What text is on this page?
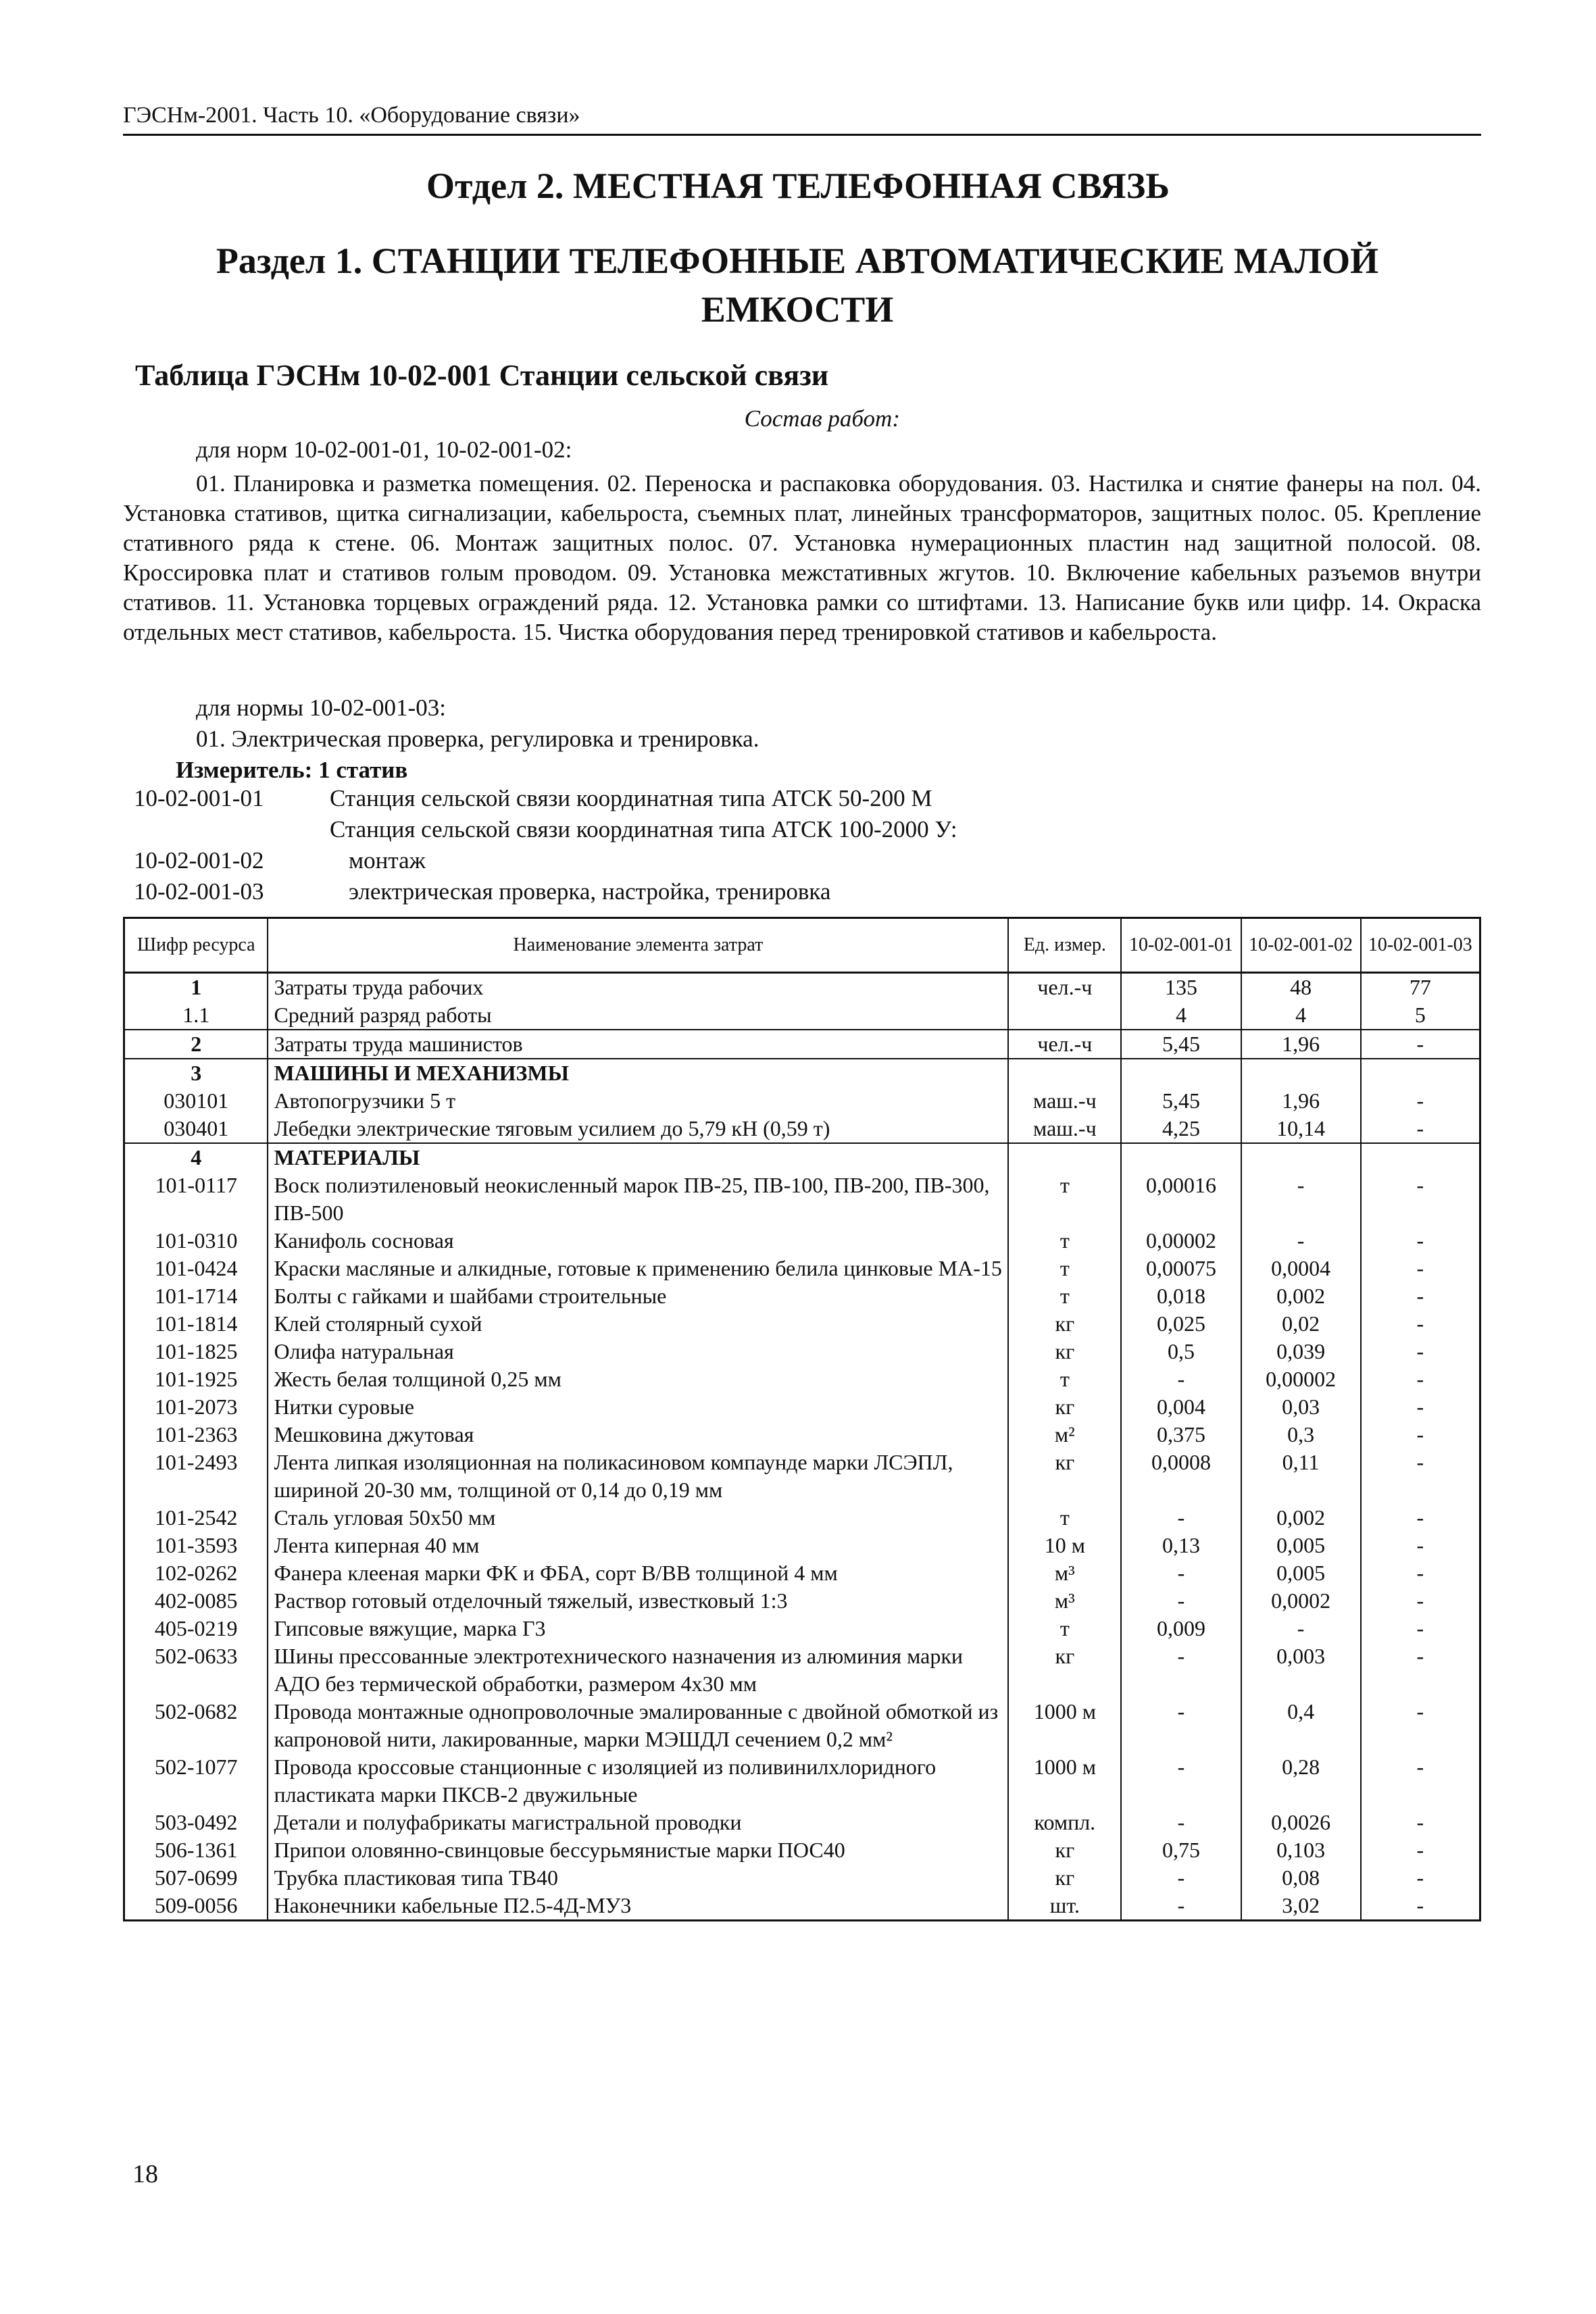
ГЭСНм-2001. Часть 10. «Оборудование связи»
Отдел 2. МЕСТНАЯ ТЕЛЕФОННАЯ СВЯЗЬ
Раздел 1. СТАНЦИИ ТЕЛЕФОННЫЕ АВТОМАТИЧЕСКИЕ МАЛОЙ
ЕМКОСТИ
Таблица ГЭСНм 10-02-001 Станции сельской связи
Состав работ:
для норм 10-02-001-01, 10-02-001-02:
01. Планировка и разметка помещения. 02. Переноска и распаковка оборудования. 03. Настилка и снятие фанеры на пол. 04. Установка стативов, щитка сигнализации, кабельроста, съемных плат, линейных трансформаторов, защитных полос. 05. Крепление стативного ряда к стене. 06. Монтаж защитных полос. 07. Установка нумерационных пластин над защитной полосой. 08. Кроссировка плат и стативов голым проводом. 09. Установка межстативных жгутов. 10. Включение кабельных разъемов внутри стативов. 11. Установка торцевых ограждений ряда. 12. Установка рамки со штифтами. 13. Написание букв или цифр. 14. Окраска отдельных мест стативов, кабельроста. 15. Чистка оборудования перед тренировкой стативов и кабельроста.
для нормы 10-02-001-03:
01. Электрическая проверка, регулировка и тренировка.
Измеритель: 1 статив
10-02-001-01	Станция сельской связи координатная типа АТСК 50-200 М
Станция сельской связи координатная типа АТСК 100-2000 У:
10-02-001-02	монтаж
10-02-001-03	электрическая проверка, настройка, тренировка
Шифр ресурса	Наименование элемента затрат	Ед. измер.	10-02-001-01	10-02-001-02	10-02-001-03
1	Затраты труда рабочих	чел.-ч	135	48	77
1.1	Средний разряд работы		4	4	5
2	Затраты труда машинистов	чел.-ч	5,45	1,96	-
3	МАШИНЫ И МЕХАНИЗМЫ				
030101	Автопогрузчики 5 т	маш.-ч	5,45	1,96	-
030401	Лебедки электрические тяговым усилием до 5,79 кН (0,59 т)	маш.-ч	4,25	10,14	-
4	МАТЕРИАЛЫ				
101-0117	Воск полиэтиленовый неокисленный марок ПВ-25, ПВ-100, ПВ-200, ПВ-300, ПВ-500	т	0,00016	-	-
101-0310	Канифоль сосновая	т	0,00002	-	-
101-0424	Краски масляные и алкидные, готовые к применению белила цинковые МА-15	т	0,00075	0,0004	-
101-1714	Болты с гайками и шайбами строительные	т	0,018	0,002	-
101-1814	Клей столярный сухой	кг	0,025	0,02	-
101-1825	Олифа натуральная	кг	0,5	0,039	-
101-1925	Жесть белая толщиной 0,25 мм	т	-	0,00002	-
101-2073	Нитки суровые	кг	0,004	0,03	-
101-2363	Мешковина джутовая	м²	0,375	0,3	-
101-2493	Лента липкая изоляционная на поликасиновом компаунде марки ЛСЭПЛ, шириной 20-30 мм, толщиной от 0,14 до 0,19 мм	кг	0,0008	0,11	-
101-2542	Сталь угловая 50х50 мм	т	-	0,002	-
101-3593	Лента киперная 40 мм	10 м	0,13	0,005	-
102-0262	Фанера клееная марки ФК и ФБА, сорт В/ВВ толщиной 4 мм	м³	-	0,005	-
402-0085	Раствор готовый отделочный тяжелый, известковый 1:3	м³	-	0,0002	-
405-0219	Гипсовые вяжущие, марка Г3	т	0,009	-	-
502-0633	Шины прессованные электротехнического назначения из алюминия марки АДО без термической обработки, размером 4х30 мм	кг	-	0,003	-
502-0682	Провода монтажные однопроволочные эмалированные с двойной обмоткой из капроновой нити, лакированные, марки МЭШДЛ сечением 0,2 мм²	1000 м	-	0,4	-
502-1077	Провода кроссовые станционные с изоляцией из поливинилхлоридного пластиката марки ПКСВ-2 двужильные	1000 м	-	0,28	-
503-0492	Детали и полуфабрикаты магистральной проводки	компл.	-	0,0026	-
506-1361	Припои оловянно-свинцовые бессурьмянистые марки ПОС40	кг	0,75	0,103	-
507-0699	Трубка пластиковая типа ТВ40	кг	-	0,08	-
509-0056	Наконечники кабельные П2.5-4Д-МУ3	шт.	-	3,02	-
18
